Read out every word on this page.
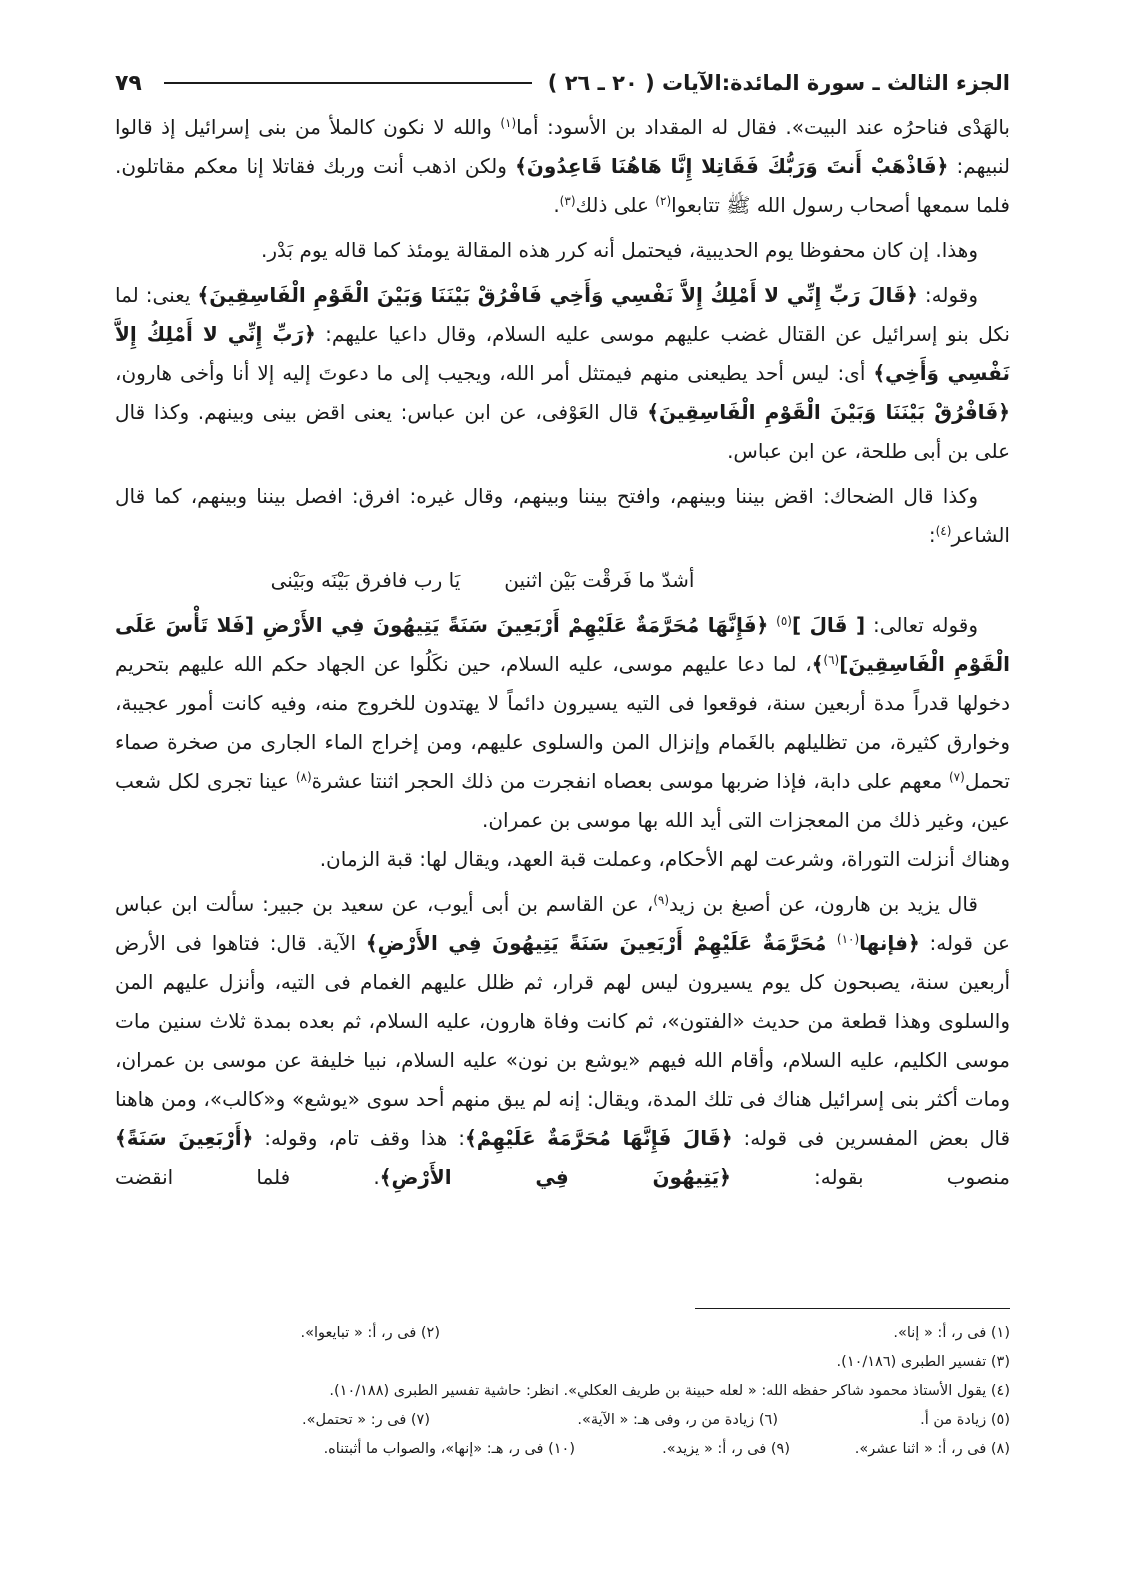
الجزء الثالث ـ سورة المائدة:الآيات ( ٢٠ ـ ٢٦ )
٧٩

بالهَدْى فناحرُه عند البيت». فقال له المقداد بن الأسود: أما$^{(١)}$ والله لا نكون كالملأ من بنى إسرائيل إذ قالوا لنبيهم: ﴿فَاذْهَبْ أَنتَ وَرَبُّكَ فَقَاتِلا إِنَّا هَاهُنَا قَاعِدُونَ﴾ ولكن اذهب أنت وربك فقاتلا إنا معكم مقاتلون. فلما سمعها أصحاب رسول الله ﷺ تتابعوا$^{(٢)}$ على ذلك$^{(٣)}$.

وهذا. إن كان محفوظا يوم الحديبية، فيحتمل أنه كرر هذه المقالة يومئذ كما قاله يوم بَدْر.

وقوله: ﴿قَالَ رَبِّ إِنِّي لا أَمْلِكُ إِلاَّ نَفْسِي وَأَخِي فَافْرُقْ بَيْنَنَا وَبَيْنَ الْقَوْمِ الْفَاسِقِينَ﴾ يعنى: لما نكل بنو إسرائيل عن القتال غضب عليهم موسى عليه السلام، وقال داعيا عليهم: ﴿رَبِّ إِنِّي لا أَمْلِكُ إِلاَّ نَفْسِي وَأَخِي﴾ أى: ليس أحد يطيعنى منهم فيمتثل أمر الله، ويجيب إلى ما دعوتَ إليه إلا أنا وأخى هارون، ﴿فَافْرُقْ بَيْنَنَا وَبَيْنَ الْقَوْمِ الْفَاسِقِينَ﴾ قال العَوْفى، عن ابن عباس: يعنى اقض بينى وبينهم. وكذا قال على بن أبى طلحة، عن ابن عباس.

وكذا قال الضحاك: اقض بيننا وبينهم، وافتح بيننا وبينهم، وقال غيره: افرق: افصل بيننا وبينهم، كما قال الشاعر$^{(٤)}$:

أشدّ ما فَرقْت بَيْن اثنين
يَا رب فافرق بَيْنَه وبَيْنى

وقوله تعالى: [ قَالَ ]$^{(٥)}$ ﴿فَإِنَّهَا مُحَرَّمَةٌ عَلَيْهِمْ أَرْبَعِينَ سَنَةً يَتِيهُونَ فِي الأَرْضِ [فَلا تَأْسَ عَلَى الْقَوْمِ الْفَاسِقِينَ]$^{(٦)}$﴾، لما دعا عليهم موسى، عليه السلام، حين نكَلُوا عن الجهاد حكم الله عليهم بتحريم دخولها قدراً مدة أربعين سنة، فوقعوا فى التيه يسيرون دائماً لا يهتدون للخروج منه، وفيه كانت أمور عجيبة، وخوارق كثيرة، من تظليلهم بالغَمام وإنزال المن والسلوى عليهم، ومن إخراج الماء الجارى من صخرة صماء تحمل$^{(٧)}$ معهم على دابة، فإذا ضربها موسى بعصاه انفجرت من ذلك الحجر اثنتا عشرة$^{(٨)}$ عينا تجرى لكل شعب عين، وغير ذلك من المعجزات التى أيد الله بها موسى بن عمران.
وهناك أنزلت التوراة، وشرعت لهم الأحكام، وعملت قبة العهد، ويقال لها: قبة الزمان.

قال يزيد بن هارون، عن أصبغ بن زيد$^{(٩)}$، عن القاسم بن أبى أيوب، عن سعيد بن جبير: سألت ابن عباس عن قوله: ﴿فإنها$^{(١٠)}$ مُحَرَّمَةٌ عَلَيْهِمْ أَرْبَعِينَ سَنَةً يَتِيهُونَ فِي الأَرْضِ﴾ الآية. قال: فتاهوا فى الأرض أربعين سنة، يصبحون كل يوم يسيرون ليس لهم قرار، ثم ظلل عليهم الغمام فى التيه، وأنزل عليهم المن والسلوى وهذا قطعة من حديث «الفتون»، ثم كانت وفاة هارون، عليه السلام، ثم بعده بمدة ثلاث سنين مات موسى الكليم، عليه السلام، وأقام الله فيهم «يوشع بن نون» عليه السلام، نبيا خليفة عن موسى بن عمران، ومات أكثر بنى إسرائيل هناك فى تلك المدة، ويقال: إنه لم يبق منهم أحد سوى «يوشع» و«كالب»، ومن هاهنا قال بعض المفسرين فى قوله: ﴿قَالَ فَإِنَّهَا مُحَرَّمَةٌ عَلَيْهِمْ﴾: هذا وقف تام، وقوله: ﴿أَرْبَعِينَ سَنَةً﴾ منصوب بقوله: ﴿يَتِيهُونَ فِي الأَرْضِ﴾. فلما انقضت

(١) فى ر، أ: « إنا».
(٢) فى ر، أ: « تبايعوا».
(٣) تفسير الطبرى (١٠/١٨٦).
(٤) يقول الأستاذ محمود شاكر حفظه الله: « لعله حبينة بن طريف العكلي». انظر: حاشية تفسير الطبرى (١٠/١٨٨).
(٥) زيادة من أ.
(٦) زيادة من ر، وفى هـ: « الآية».
(٧) فى ر: « تحتمل».
(٨) فى ر، أ: « اثنا عشر».
(٩) فى ر، أ: « يزيد».
(١٠) فى ر، هـ: «إنها»، والصواب ما أثبتناه.
